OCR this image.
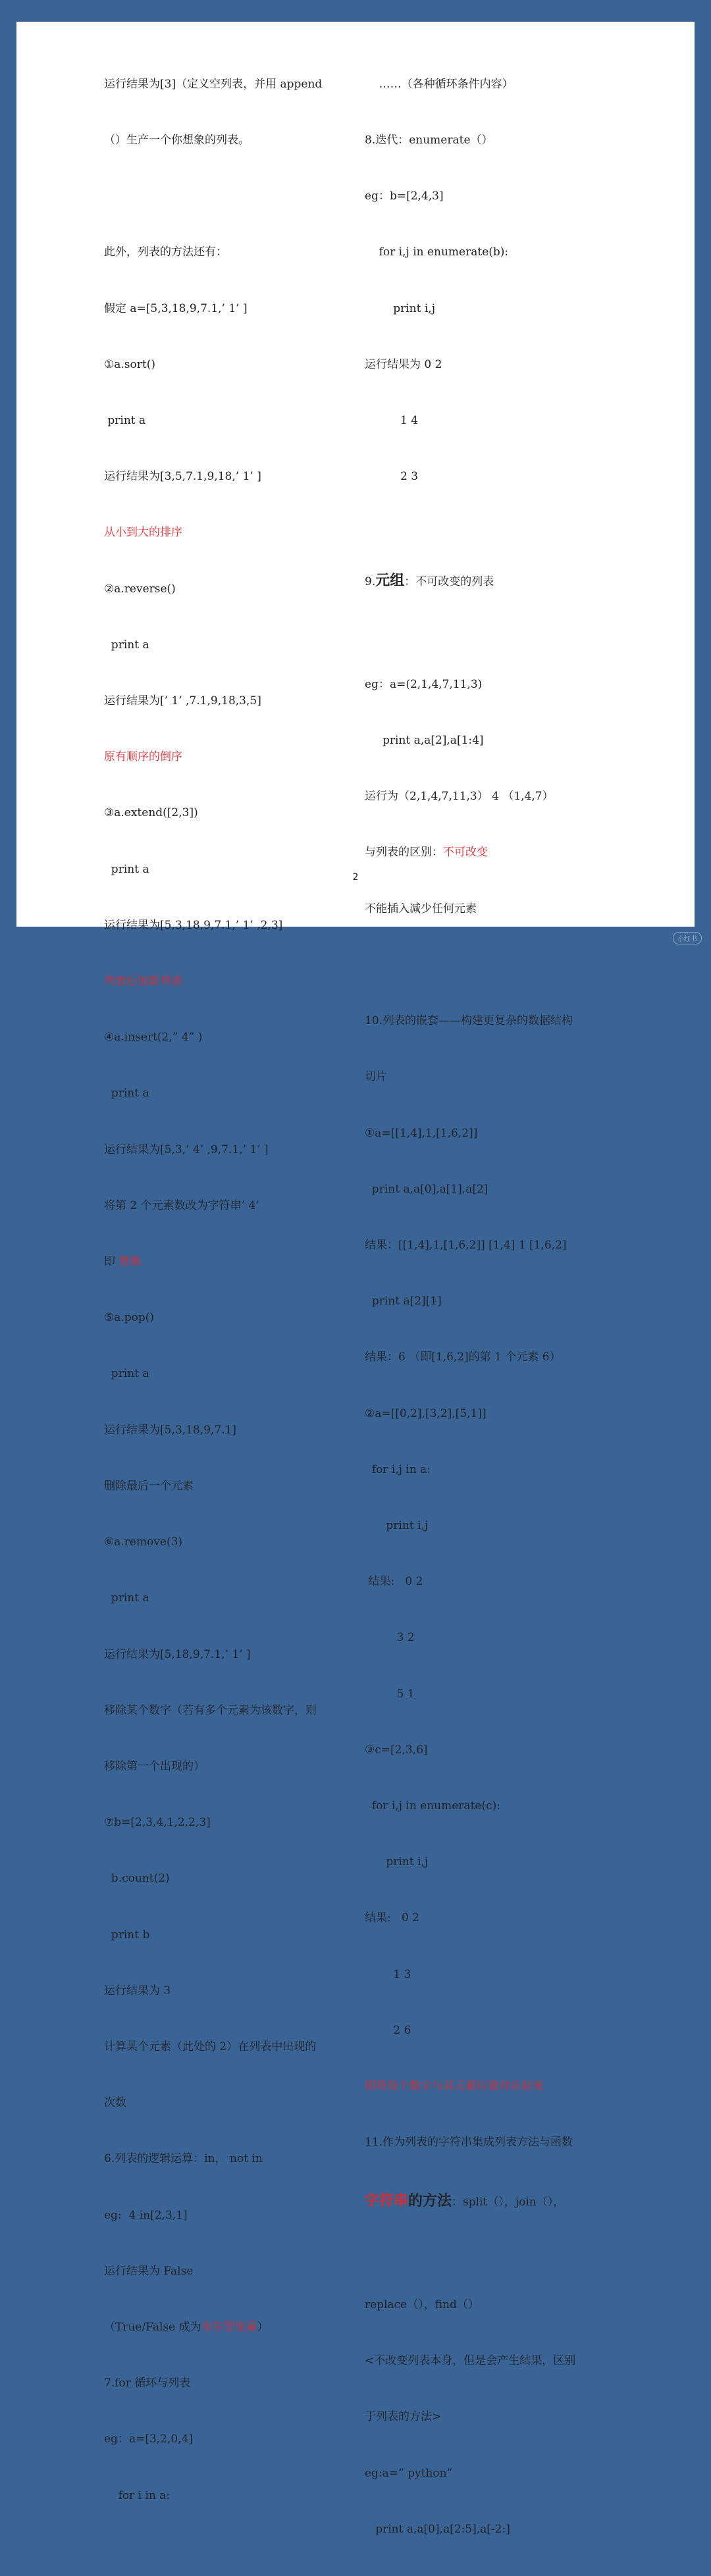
运行结果为[3]（定义空列表，并用 append

（）生产一个你想象的列表。

此外，列表的方法还有：

假定 a=[5,3,18,9,7.1,’ 1’ ]

①a.sort()

print a

运行结果为[3,5,7.1,9,18,’ 1’ ]

从小到大的排序

②a.reverse()

print a

运行结果为[’ 1’ ,7.1,9,18,3,5]

原有顺序的倒序

③a.extend([2,3])

print a

运行结果为[5,3,18,9,7.1,’ 1’ ,2,3]

列表后加新列表

④a.insert(2,” 4” )

print a

运行结果为[5,3,’ 4’ ,9,7.1,’ 1’ ]

将第 2 个元素数改为字符串’ 4’

即 替换

⑤a.pop()

print a

运行结果为[5,3,18,9,7.1]

删除最后一个元素

⑥a.remove(3)

print a

运行结果为[5,18,9,7.1,’ 1’ ]

移除某个数字（若有多个元素为该数字，则

移除第一个出现的）

⑦b=[2,3,4,1,2,2,3]

b.count(2)

print b

运行结果为 3

计算某个元素（此处的 2）在列表中出现的

次数

6.列表的逻辑运算：in， not in

eg:  4 in[2,3,1]

运行结果为 False

（True/False 成为布尔型变量）

7.for 循环与列表

eg：a=[3,2,0,4]

for i in a:

……（各种循环条件内容）

8.迭代：enumerate（）

eg：b=[2,4,3]

for i,j in enumerate(b):

print i,j

运行结果为 0 2

1 4

2 3

9.元组：不可改变的列表

eg：a=(2,1,4,7,11,3)

print a,a[2],a[1:4]

运行为（2,1,4,7,11,3） 4 （1,4,7）

与列表的区别：不可改变

不能插入减少任何元素

10.列表的嵌套——构建更复杂的数据结构

切片

①a=[[1,4],1,[1,6,2]]

print a,a[0],a[1],a[2]

结果：[[1,4],1,[1,6,2]] [1,4] 1 [1,6,2]

print a[2][1]

结果：6 （即[1,6,2]的第 1 个元素 6）

②a=[[0,2],[3,2],[5,1]]

for i,j in a:

print i,j

结果:   0 2

3 2

5 1

③c=[2,3,6]

for i,j in enumerate(c):

print i,j

结果:   0 2

1 3

2 6

即将每个数字与其元素位置对应起来

11.作为列表的字符串集成列表方法与函数

字符串的方法：split（），join（），

replace（），find（）

<不改变列表本身，但是会产生结果，区别

于列表的方法>

eg:a=” python”

print a,a[0],a[2:5],a[-2:]

2
小红书
